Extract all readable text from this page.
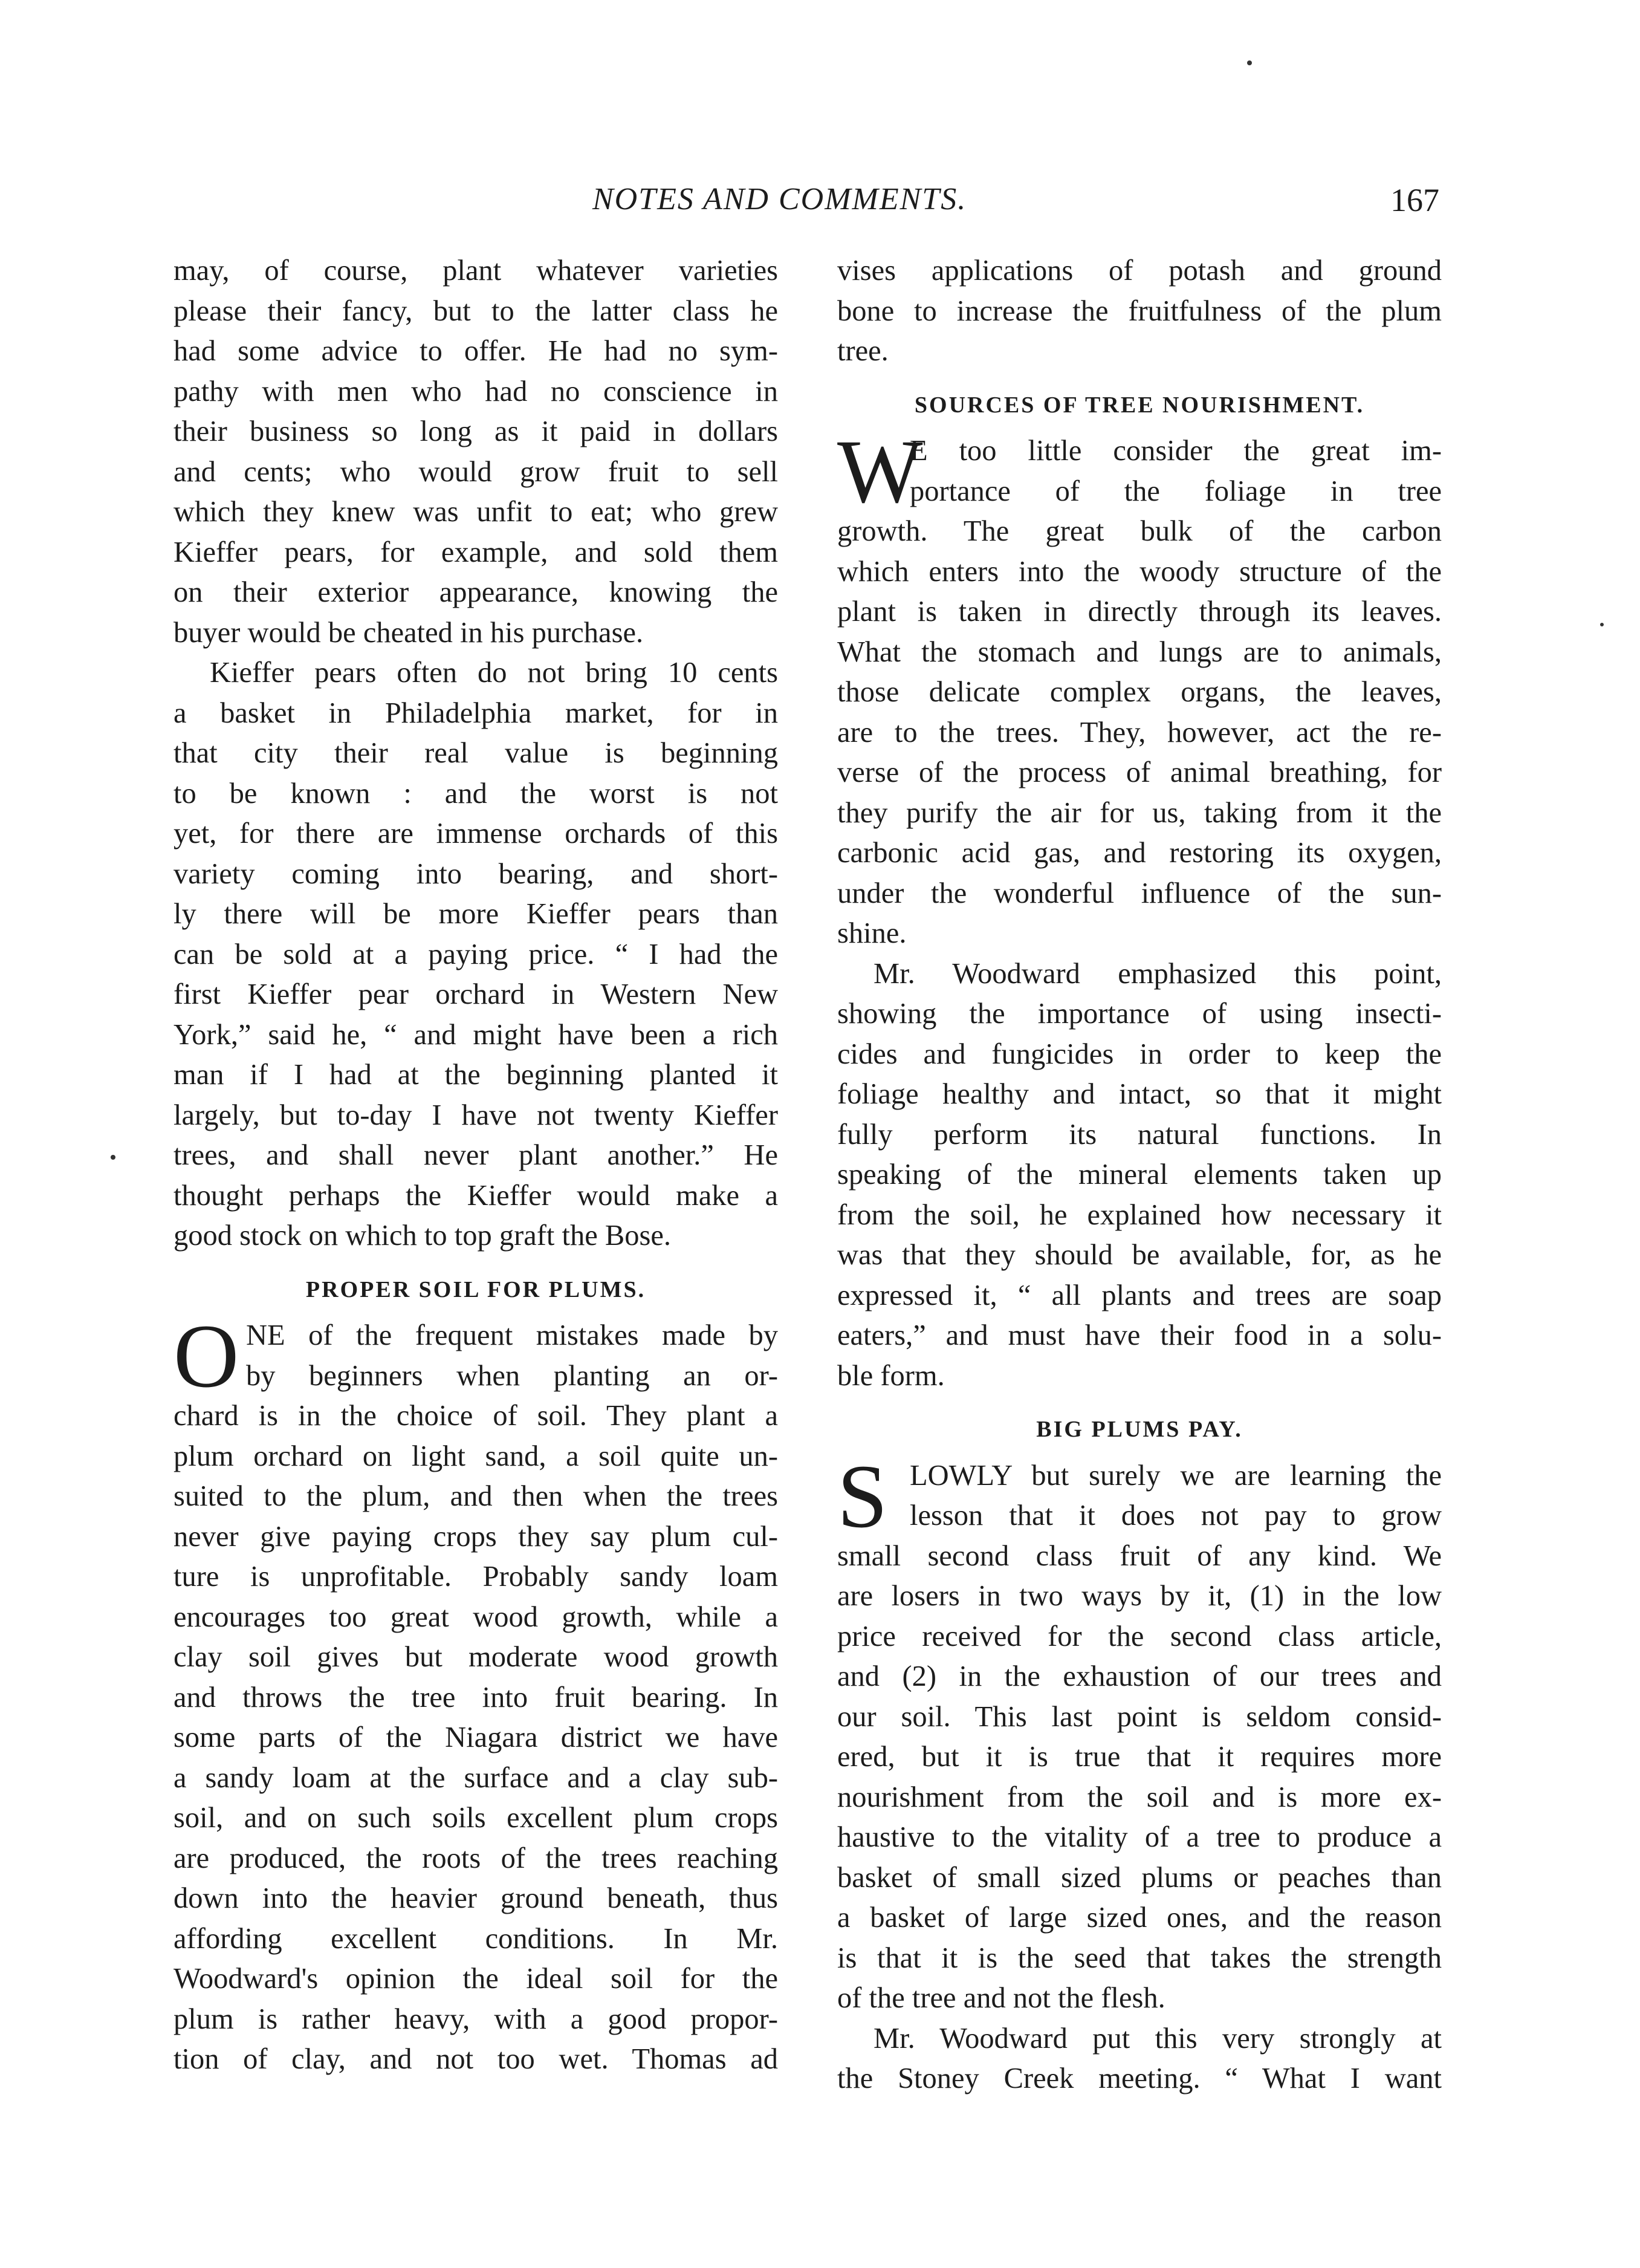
NOTES AND COMMENTS.	167
may, of course, plant whatever varieties
please their fancy, but to the latter class he
had some advice to offer. He had no sym-
pathy with men who had no conscience in
their business so long as it paid in dollars
and cents; who would grow fruit to sell
which they knew was unfit to eat; who grew
Kieffer pears, for example, and sold them
on their exterior appearance, knowing the
buyer would be cheated in his purchase.
Kieffer pears often do not bring 10 cents
a basket in Philadelphia market, for in
that city their real value is beginning
to be known : and the worst is not
yet, for there are immense orchards of this
variety coming into bearing, and short-
ly there will be more Kieffer pears than
can be sold at a paying price. “ I had the
first Kieffer pear orchard in Western New
York,” said he, “ and might have been a rich
man if I had at the beginning planted it
largely, but to-day I have not twenty Kieffer
trees, and shall never plant another.” He
thought perhaps the Kieffer would make a
good stock on which to top graft the Bose.
PROPER SOIL FOR PLUMS.
O NE of the frequent mistakes made by
by beginners when planting an or-
chard is in the choice of soil. They plant a
plum orchard on light sand, a soil quite un-
suited to the plum, and then when the trees
never give paying crops they say plum cul-
ture is unprofitable. Probably sandy loam
encourages too great wood growth, while a
clay soil gives but moderate wood growth
and throws the tree into fruit bearing. In
some parts of the Niagara district we have
a sandy loam at the surface and a clay sub-
soil, and on such soils excellent plum crops
are produced, the roots of the trees reaching
down into the heavier ground beneath, thus
affording excellent conditions. In Mr.
Woodward's opinion the ideal soil for the
plum is rather heavy, with a good propor-
tion of clay, and not too wet. Thomas ad
vises applications of potash and ground
bone to increase the fruitfulness of the plum
tree.
SOURCES OF TREE NOURISHMENT.
W
E too little consider the great im-
portance of the foliage in tree
growth. The great bulk of the carbon
which enters into the woody structure of the
plant is taken in directly through its leaves.
What the stomach and lungs are to animals,
those delicate complex organs, the leaves,
are to the trees. They, however, act the re-
verse of the process of animal breathing, for
they purify the air for us, taking from it the
carbonic acid gas, and restoring its oxygen,
under the wonderful influence of the sun-
shine.
Mr. Woodward emphasized this point,
showing the importance of using insecti-
cides and fungicides in order to keep the
foliage healthy and intact, so that it might
fully perform its natural functions. In
speaking of the mineral elements taken up
from the soil, he explained how necessary it
was that they should be available, for, as he
expressed it, “ all plants and trees are soap
eaters,” and must have their food in a solu-
ble form.
BIG PLUMS PAY.
S LOWLY but surely we are learning the
lesson that it does not pay to grow
small second class fruit of any kind. We
are losers in two ways by it, (1) in the low
price received for the second class article,
and (2) in the exhaustion of our trees and
our soil. This last point is seldom consid-
ered, but it is true that it requires more
nourishment from the soil and is more ex-
haustive to the vitality of a tree to produce a
basket of small sized plums or peaches than
a basket of large sized ones, and the reason
is that it is the seed that takes the strength
of the tree and not the flesh.
Mr. Woodward put this very strongly at
the Stoney Creek meeting. “ What I want
